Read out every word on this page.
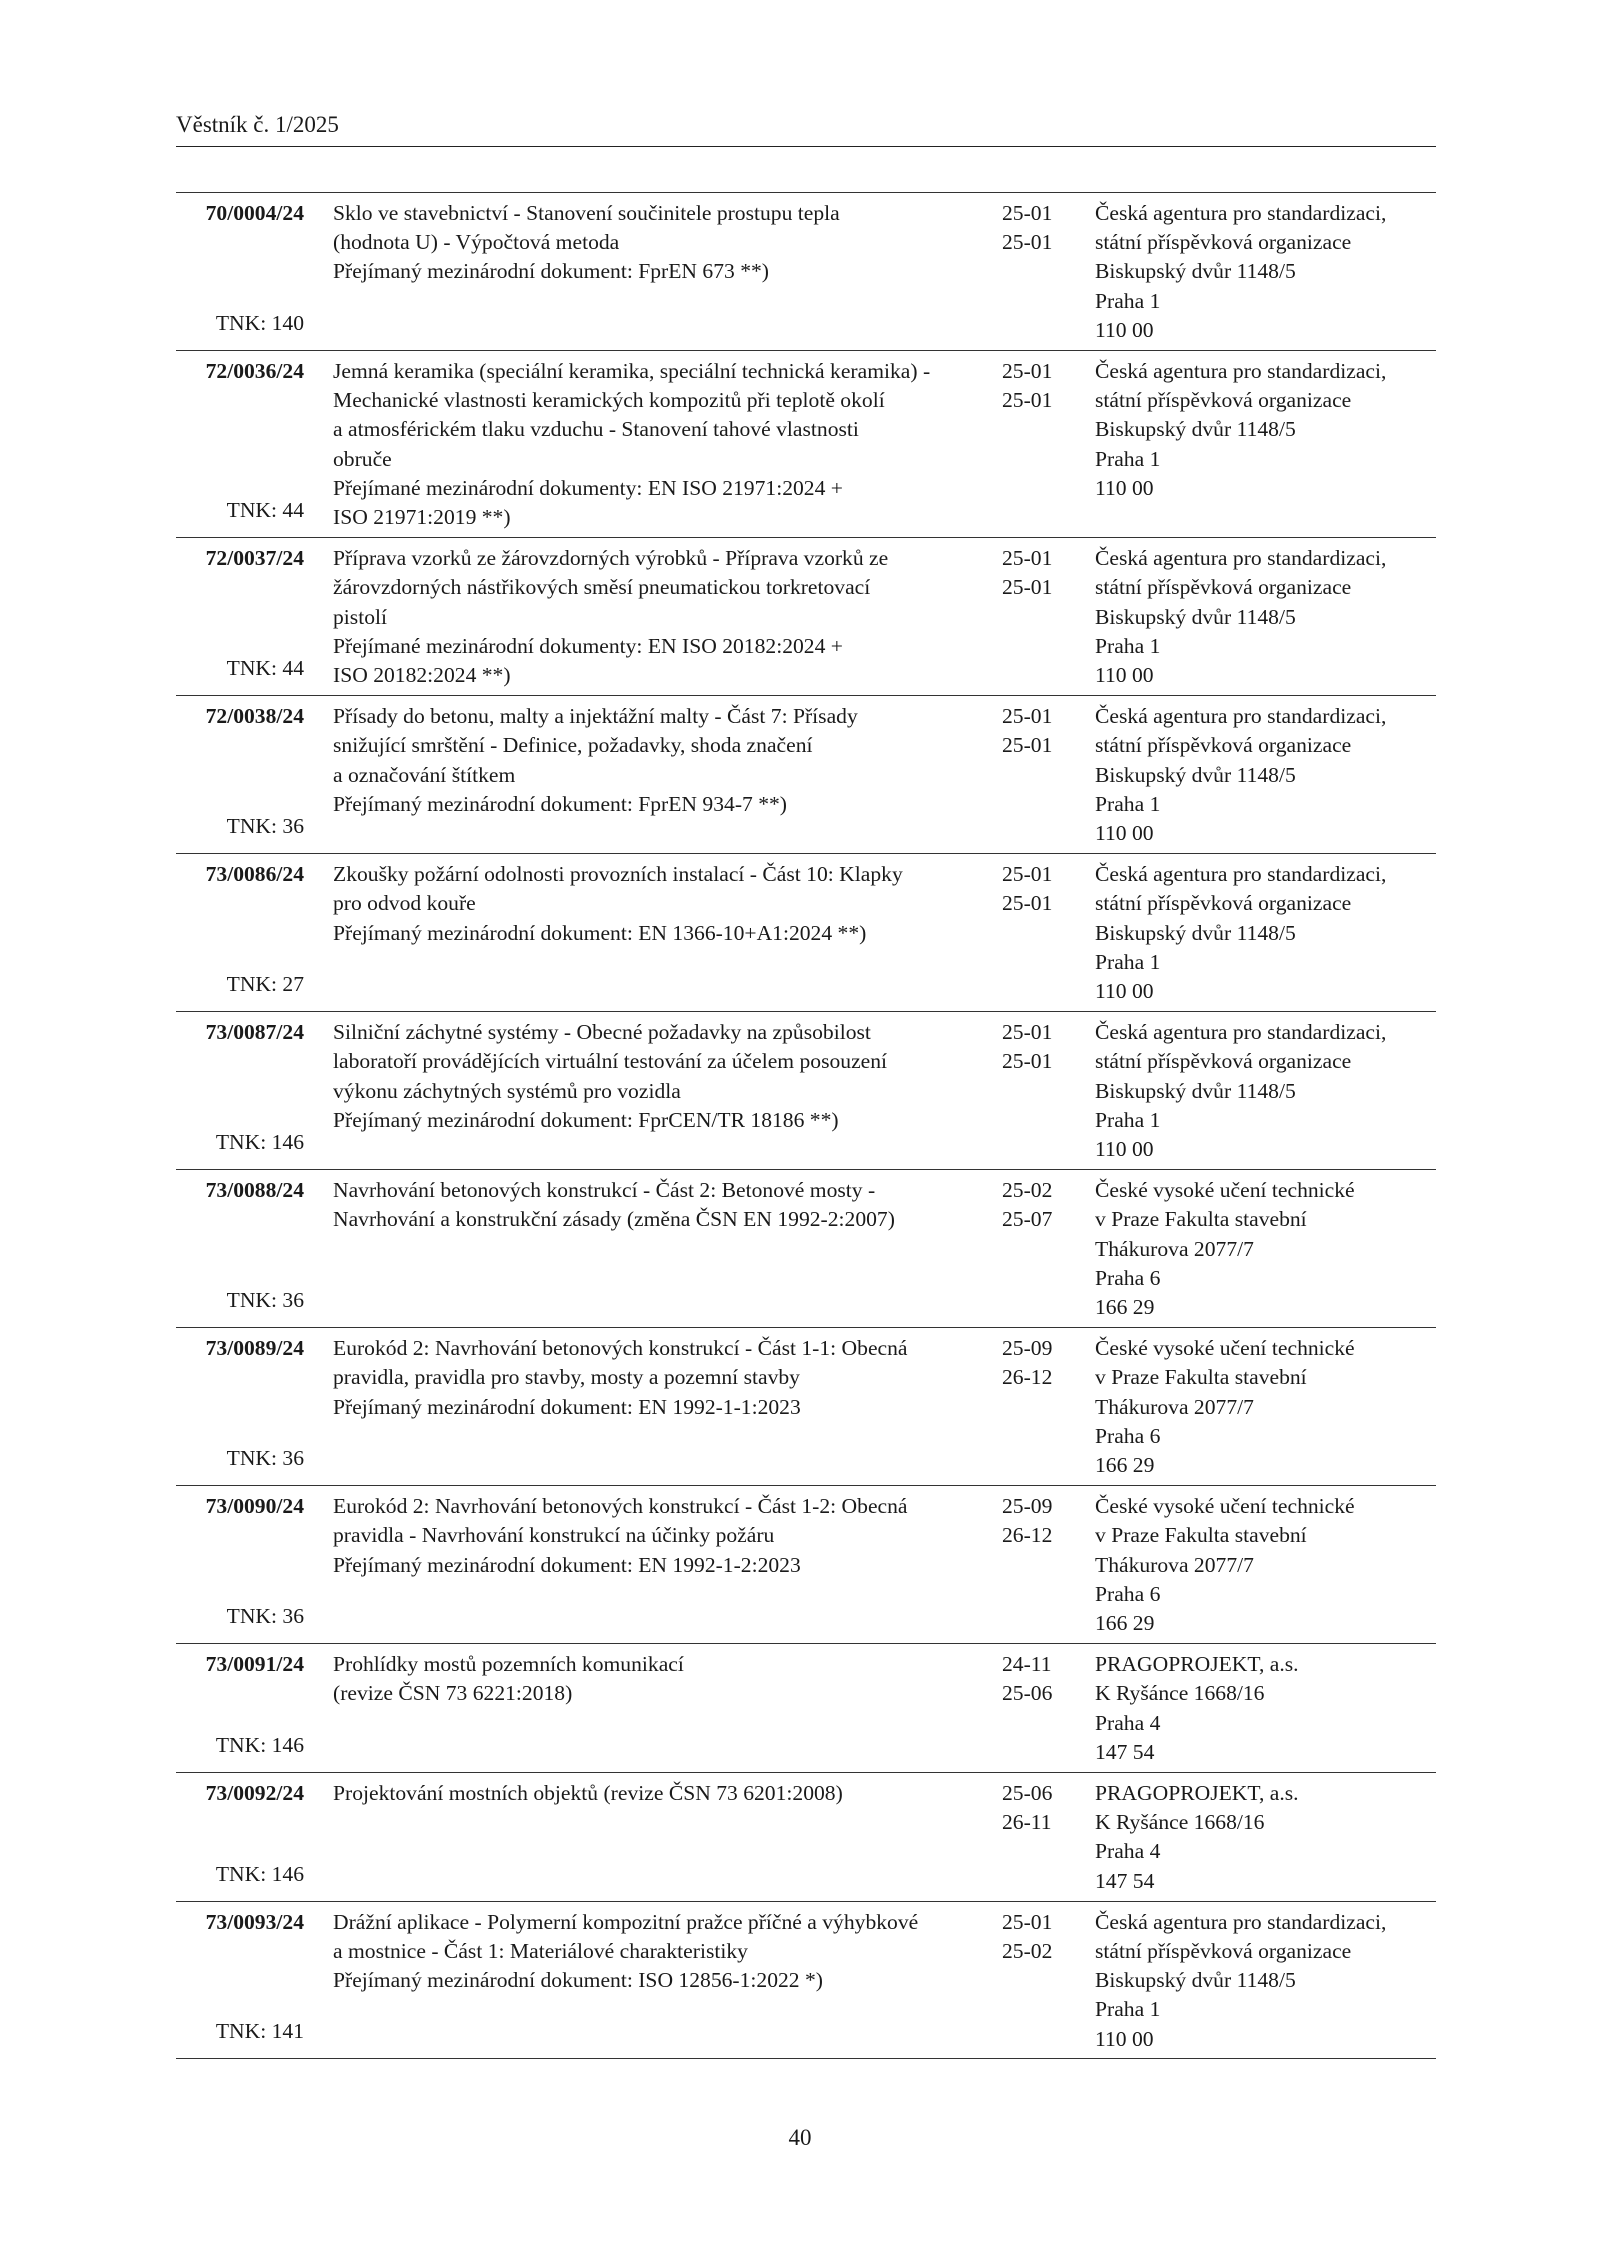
Věstník č. 1/2025
70/0004/24
TNK: 140
Sklo ve stavebnictví - Stanovení součinitele prostupu tepla
(hodnota U) - Výpočtová metoda
Přejímaný mezinárodní dokument: FprEN 673 **)
25-01
25-01
Česká agentura pro standardizaci,
státní příspěvková organizace
Biskupský dvůr 1148/5
Praha 1
110 00
72/0036/24
TNK: 44
Jemná keramika (speciální keramika, speciální technická keramika) -
Mechanické vlastnosti keramických kompozitů při teplotě okolí
a atmosférickém tlaku vzduchu - Stanovení tahové vlastnosti
obruče
Přejímané mezinárodní dokumenty: EN ISO 21971:2024 +
ISO 21971:2019 **)
25-01
25-01
Česká agentura pro standardizaci,
státní příspěvková organizace
Biskupský dvůr 1148/5
Praha 1
110 00
72/0037/24
TNK: 44
Příprava vzorků ze žárovzdorných výrobků - Příprava vzorků ze
žárovzdorných nástřikových směsí pneumatickou torkretovací
pistolí
Přejímané mezinárodní dokumenty: EN ISO 20182:2024 +
ISO 20182:2024 **)
25-01
25-01
Česká agentura pro standardizaci,
státní příspěvková organizace
Biskupský dvůr 1148/5
Praha 1
110 00
72/0038/24
TNK: 36
Přísady do betonu, malty a injektážní malty - Část 7: Přísady
snižující smrštění - Definice, požadavky, shoda značení
a označování štítkem
Přejímaný mezinárodní dokument: FprEN 934-7 **)
25-01
25-01
Česká agentura pro standardizaci,
státní příspěvková organizace
Biskupský dvůr 1148/5
Praha 1
110 00
73/0086/24
TNK: 27
Zkoušky požární odolnosti provozních instalací - Část 10: Klapky
pro odvod kouře
Přejímaný mezinárodní dokument: EN 1366-10+A1:2024 **)
25-01
25-01
Česká agentura pro standardizaci,
státní příspěvková organizace
Biskupský dvůr 1148/5
Praha 1
110 00
73/0087/24
TNK: 146
Silniční záchytné systémy - Obecné požadavky na způsobilost
laboratoří provádějících virtuální testování za účelem posouzení
výkonu záchytných systémů pro vozidla
Přejímaný mezinárodní dokument: FprCEN/TR 18186 **)
25-01
25-01
Česká agentura pro standardizaci,
státní příspěvková organizace
Biskupský dvůr 1148/5
Praha 1
110 00
73/0088/24
TNK: 36
Navrhování betonových konstrukcí - Část 2: Betonové mosty -
Navrhování a konstrukční zásady (změna ČSN EN 1992-2:2007)
25-02
25-07
České vysoké učení technické
v Praze Fakulta stavební
Thákurova 2077/7
Praha 6
166 29
73/0089/24
TNK: 36
Eurokód 2: Navrhování betonových konstrukcí - Část 1-1: Obecná
pravidla, pravidla pro stavby, mosty a pozemní stavby
Přejímaný mezinárodní dokument: EN 1992-1-1:2023
25-09
26-12
České vysoké učení technické
v Praze Fakulta stavební
Thákurova 2077/7
Praha 6
166 29
73/0090/24
TNK: 36
Eurokód 2: Navrhování betonových konstrukcí - Část 1-2: Obecná
pravidla - Navrhování konstrukcí na účinky požáru
Přejímaný mezinárodní dokument: EN 1992-1-2:2023
25-09
26-12
České vysoké učení technické
v Praze Fakulta stavební
Thákurova 2077/7
Praha 6
166 29
73/0091/24
TNK: 146
Prohlídky mostů pozemních komunikací
(revize ČSN 73 6221:2018)
24-11
25-06
PRAGOPROJEKT, a.s.
K Ryšánce 1668/16
Praha 4
147 54
73/0092/24
TNK: 146
Projektování mostních objektů (revize ČSN 73 6201:2008)	25-06
26-11
PRAGOPROJEKT, a.s.
K Ryšánce 1668/16
Praha 4
147 54
73/0093/24
TNK: 141
Drážní aplikace - Polymerní kompozitní pražce příčné a výhybkové
a mostnice - Část 1: Materiálové charakteristiky
Přejímaný mezinárodní dokument: ISO 12856-1:2022 *)
25-01
25-02
Česká agentura pro standardizaci,
státní příspěvková organizace
Biskupský dvůr 1148/5
Praha 1
110 00
40
